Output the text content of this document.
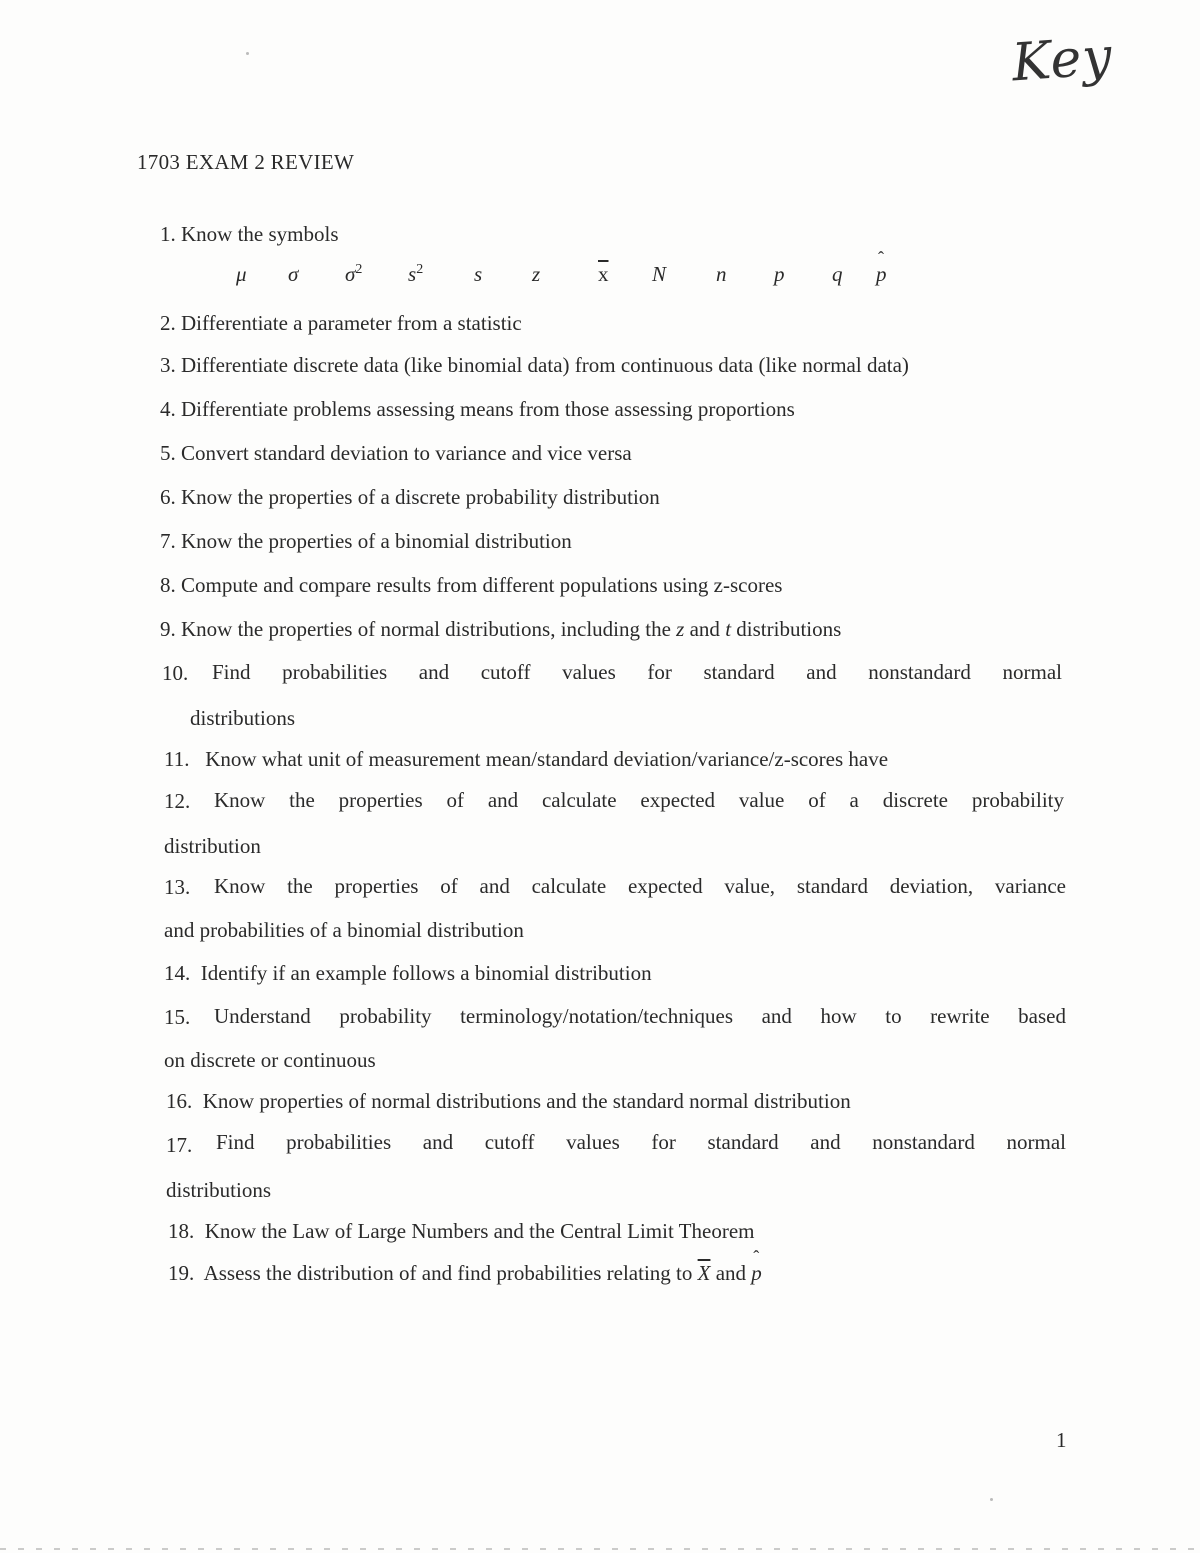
Key
1703 EXAM 2 REVIEW
1. Know the symbols
μ σ $\sigma^2$ $s^2$ s z	$\overline{x}$ N n p q ˆ p
2. Differentiate a parameter from a statistic
3. Differentiate discrete data (like binomial data) from continuous data (like normal data)
4. Differentiate problems assessing means from those assessing proportions
5. Convert standard deviation to variance and vice versa
6. Know the properties of a discrete probability distribution
7. Know the properties of a binomial distribution
8. Compute and compare results from different populations using z-scores
9. Know the properties of normal distributions, including the z and t distributions
10. Find probabilities and cutoff values for standard and nonstandard normal
distributions
11. Know what unit of measurement mean/standard deviation/variance/z-scores have
12. Know the properties of and calculate expected value of a discrete probability
distribution
13. Know the properties of and calculate expected value, standard deviation, variance
and probabilities of a binomial distribution
14. Identify if an example follows a binomial distribution
15. Understand probability terminology/notation/techniques and how to rewrite based
on discrete or continuous
16. Know properties of normal distributions and the standard normal distribution
17. Find probabilities and cutoff values for standard and nonstandard normal
distributions
18. Know the Law of Large Numbers and the Central Limit Theorem
19. Assess the distribution of and find probabilities relating to $\overline{X}$ and ˆ p
1
